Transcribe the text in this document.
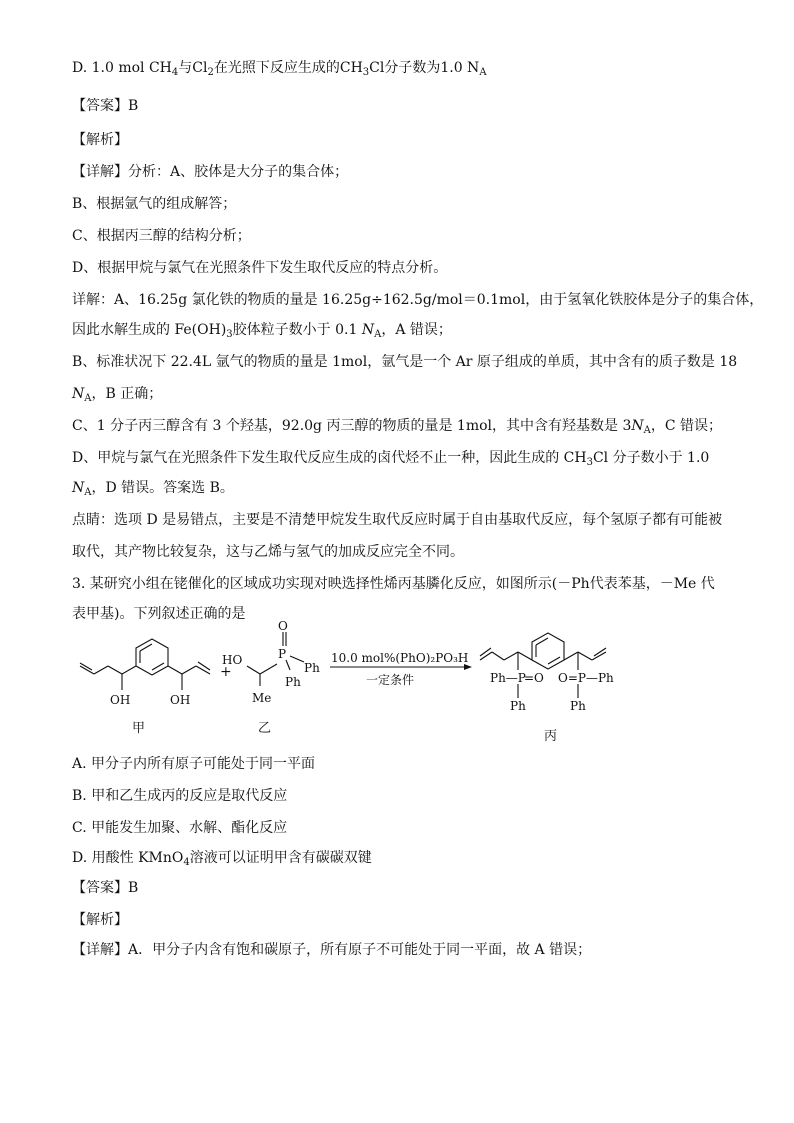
D. 1.0 mol $CH_4$与$Cl_2$在光照下反应生成的$CH_3Cl$分子数为1.0 $N_A$
【答案】B
【解析】
【详解】分析：A、胶体是大分子的集合体；
B、根据氩气的组成解答；
C、根据丙三醇的结构分析；
D、根据甲烷与氯气在光照条件下发生取代反应的特点分析。
详解：A、16.25g 氯化铁的物质的量是 16.25g÷162.5g/mol＝0.1mol，由于氢氧化铁胶体是分子的集合体，
因此水解生成的 $Fe(OH)_3$胶体粒子数小于 0.1 $N_A$，A 错误；
B、标准状况下 22.4L 氩气的物质的量是 1mol，氩气是一个 Ar 原子组成的单质，其中含有的质子数是 18
$N_A$，B 正确；
C、1 分子丙三醇含有 3 个羟基，92.0g 丙三醇的物质的量是 1mol，其中含有羟基数是 $3N_A$，C 错误；
D、甲烷与氯气在光照条件下发生取代反应生成的卤代烃不止一种，因此生成的 $CH_3Cl$ 分子数小于 1.0
$N_A$，D 错误。答案选 B。
点睛：选项 D 是易错点，主要是不清楚甲烷发生取代反应时属于自由基取代反应，每个氢原子都有可能被
取代，其产物比较复杂，这与乙烯与氢气的加成反应完全不同。
3. 某研究小组在铑催化的区域成功实现对映选择性烯丙基膦化反应，如图所示(－Ph代表苯基，－Me 代
表甲基)。下列叙述正确的是
OH	OH
+
HO
O
P
Ph
Ph
Me
10.0 mol%(PhO)₂PO₃H
一定条件	Ph—P
=O O=P—Ph
Ph	Ph
甲	乙
丙
A. 甲分子内所有原子可能处于同一平面
B. 甲和乙生成丙的反应是取代反应
C. 甲能发生加聚、水解、酯化反应
D. 用酸性 KMnO$_4$溶液可以证明甲含有碳碳双键
【答案】B
【解析】
【详解】A．甲分子内含有饱和碳原子，所有原子不可能处于同一平面，故 A 错误；
